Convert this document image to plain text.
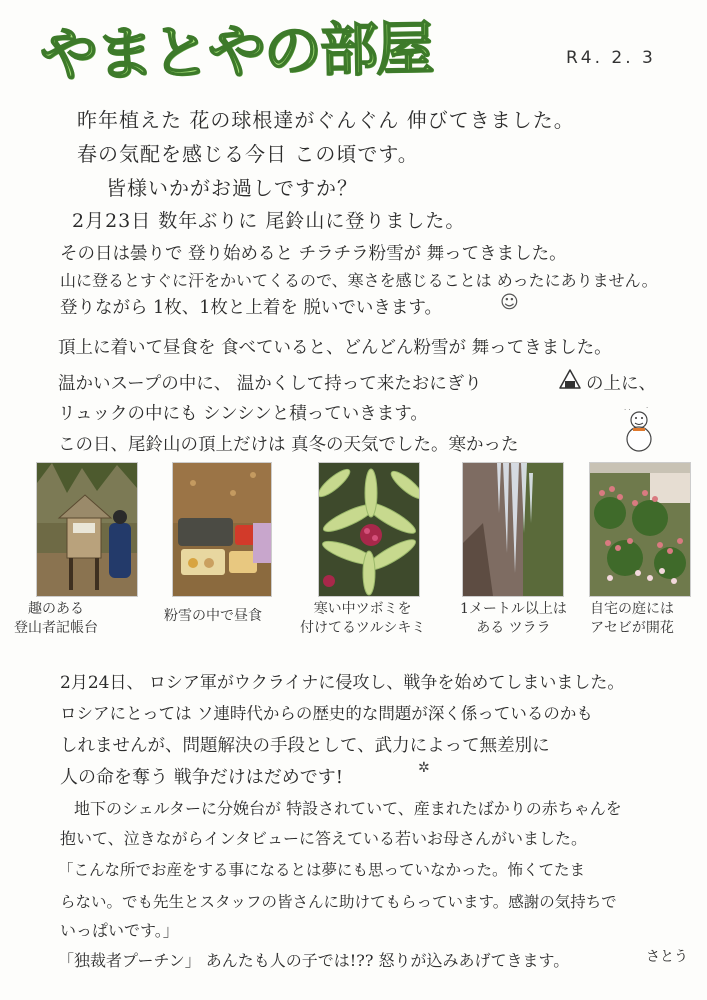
やまとやの部屋	R4. 2. 3
昨年植えた 花の球根達がぐんぐん 伸びてきました。
春の気配を感じる今日 この頃です。
皆様いかがお過しですか？
2月23日 数年ぶりに 尾鈴山に登りました。
その日は曇りで 登り始めると チラチラ粉雪が 舞ってきました。
山に登るとすぐに汗をかいてくるので、寒さを感じることは めったにありません。
登りながら 1枚、1枚と上着を 脱いでいきます。	☺
頂上に着いて昼食を 食べていると、どんどん粉雪が 舞ってきました。
温かいスープの中に、 温かくして持って来たおにぎり	の上に、
リュックの中にも シンシンと積っていきます。
この日、尾鈴山の頂上だけは 真冬の天気でした。寒かった
· · ·
趣のある
登山者記帳台
粉雪の中で昼食	寒い中ツボミを
付けてるツルシキミ
1メートル以上は
ある ツララ
自宅の庭には
アセビが開花
2月24日、 ロシア軍がウクライナに侵攻し、戦争を始めてしまいました。
ロシアにとっては ソ連時代からの歴史的な問題が深く係っているのかも
しれませんが、問題解決の手段として、武力によって無差別に
人の命を奪う 戦争だけはだめです!	✲
地下のシェルターに分娩台が 特設されていて、産まれたばかりの赤ちゃんを
抱いて、泣きながらインタビューに答えている若いお母さんがいました。
「こんな所でお産をする事になるとは夢にも思っていなかった。怖くてたま
らない。でも先生とスタッフの皆さんに助けてもらっています。感謝の気持ちで
いっぱいです。」
「独裁者プーチン」 あんたも人の子では!?? 怒りが込みあげてきます。	さとう
